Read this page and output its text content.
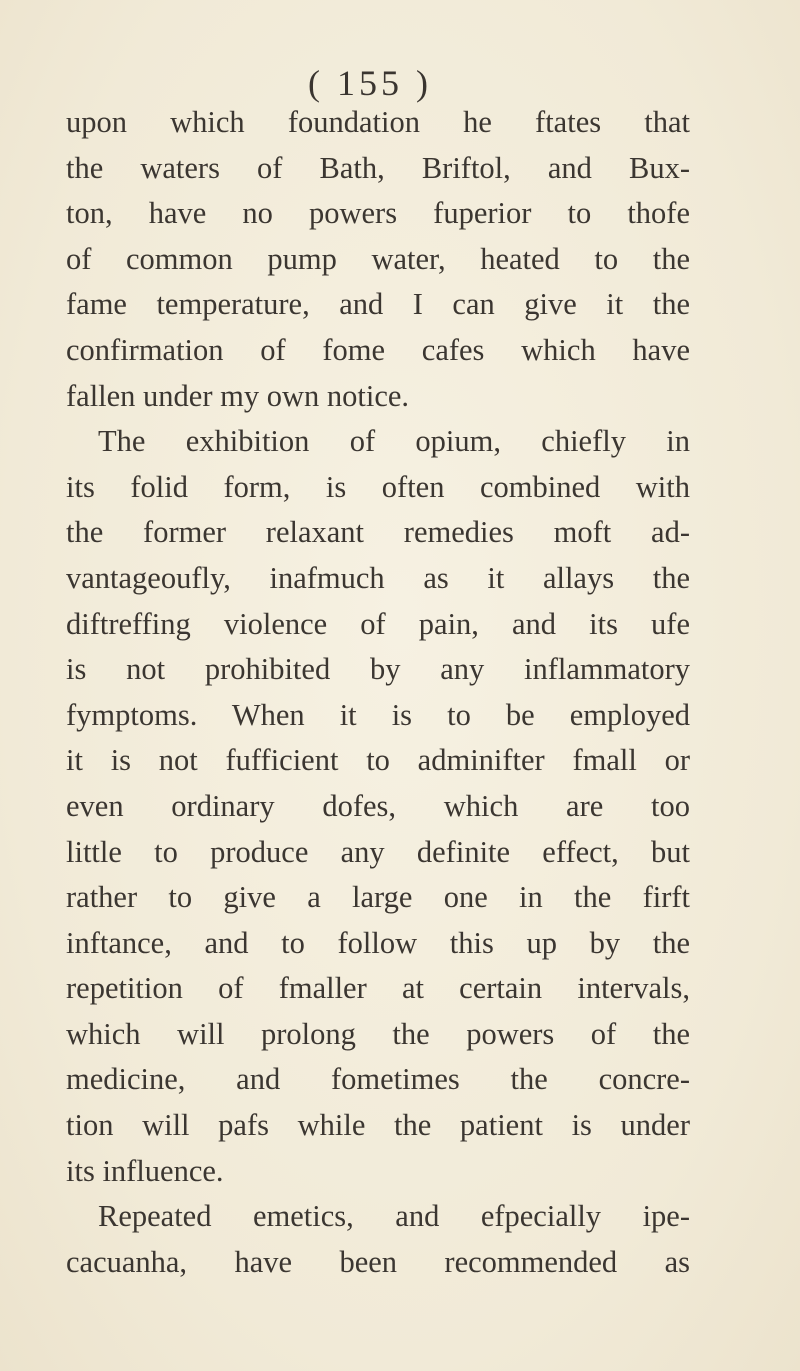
( 155 )
upon which foundation he ftates that
the waters of Bath, Briftol, and Bux-
ton, have no powers fuperior to thofe
of common pump water, heated to the
fame temperature, and I can give it the
confirmation of fome cafes which have
fallen under my own notice.
The exhibition of opium, chiefly in
its folid form, is often combined with
the former relaxant remedies moft ad-
vantageoufly, inafmuch as it allays the
diftreffing violence of pain, and its ufe
is not prohibited by any inflammatory
fymptoms. When it is to be employed
it is not fufficient to adminifter fmall or
even ordinary dofes, which are too
little to produce any definite effect, but
rather to give a large one in the firft
inftance, and to follow this up by the
repetition of fmaller at certain intervals,
which will prolong the powers of the
medicine, and fometimes the concre-
tion will pafs while the patient is under
its influence.
Repeated emetics, and efpecially ipe-
cacuanha, have been recommended as
